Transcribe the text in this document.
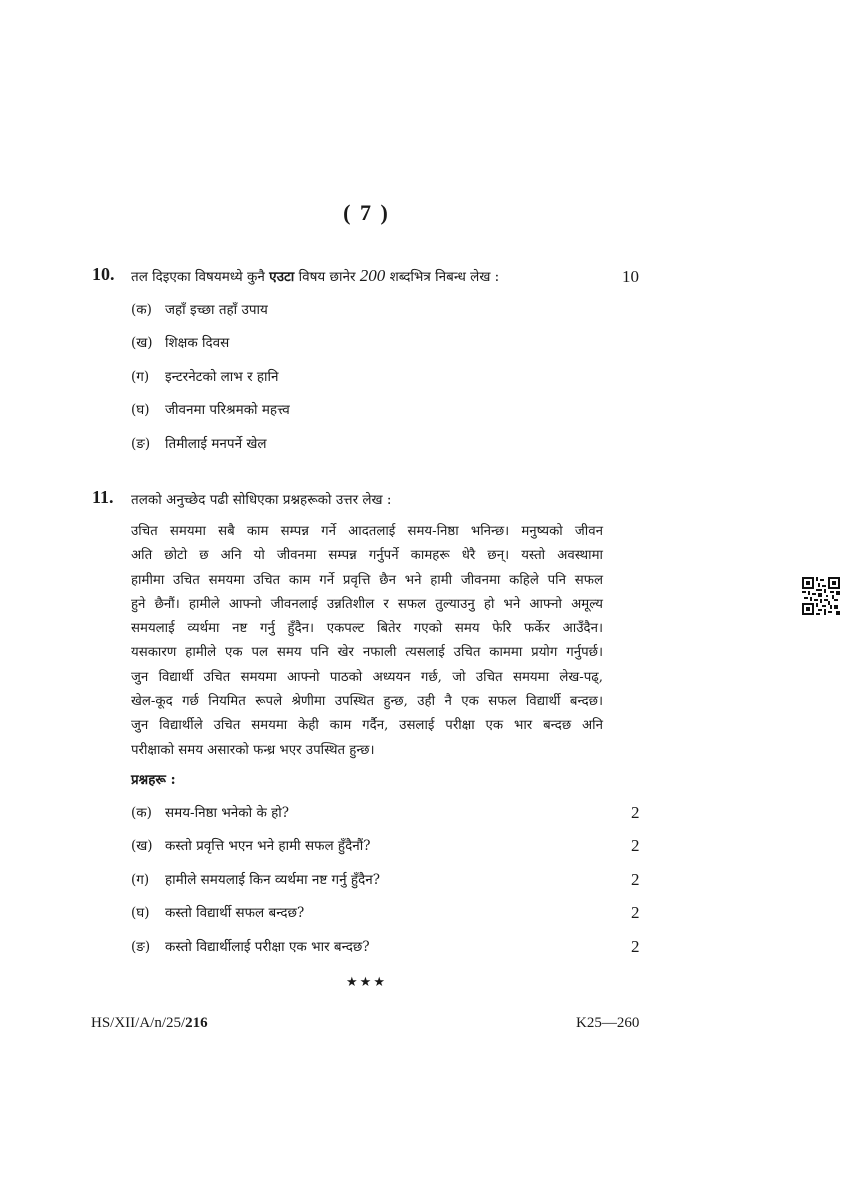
( 7 )
10. तल दिइएका विषयमध्ये कुनै एउटा विषय छानेर 200 शब्दभित्र निबन्ध लेख :	10
(क) जहाँ इच्छा तहाँ उपाय
(ख) शिक्षक दिवस
(ग) इन्टरनेटको लाभ र हानि
(घ) जीवनमा परिश्रमको महत्त्व
(ङ) तिमीलाई मनपर्ने खेल
11. तलको अनुच्छेद पढी सोधिएका प्रश्नहरूको उत्तर लेख :
उचित समयमा सबै काम सम्पन्न गर्ने आदतलाई समय-निष्ठा भनिन्छ। मनुष्यको जीवन
अति छोटो छ अनि यो जीवनमा सम्पन्न गर्नुपर्ने कामहरू धेरै छन्। यस्तो अवस्थामा
हामीमा उचित समयमा उचित काम गर्ने प्रवृत्ति छैन भने हामी जीवनमा कहिले पनि सफल
हुने छैनौं। हामीले आफ्नो जीवनलाई उन्नतिशील र सफल तुल्याउनु हो भने आफ्नो अमूल्य
समयलाई व्यर्थमा नष्ट गर्नु हुँदैन। एकपल्ट बितेर गएको समय फेरि फर्केर आउँदैन।
यसकारण हामीले एक पल समय पनि खेर नफाली त्यसलाई उचित काममा प्रयोग गर्नुपर्छ।
जुन विद्यार्थी उचित समयमा आफ्नो पाठको अध्ययन गर्छ, जो उचित समयमा लेख-पढ्,
खेल-कूद गर्छ नियमित रूपले श्रेणीमा उपस्थित हुन्छ, उही नै एक सफल विद्यार्थी बन्दछ।
जुन विद्यार्थीले उचित समयमा केही काम गर्दैन, उसलाई परीक्षा एक भार बन्दछ अनि
परीक्षाको समय असारको फन्ध्र भएर उपस्थित हुन्छ।
प्रश्नहरू :
(क) समय-निष्ठा भनेको के हो?	2
(ख) कस्तो प्रवृत्ति भएन भने हामी सफल हुँदैनौं?	2
(ग) हामीले समयलाई किन व्यर्थमा नष्ट गर्नु हुँदैन?	2
(घ) कस्तो विद्यार्थी सफल बन्दछ?	2
(ङ) कस्तो विद्यार्थीलाई परीक्षा एक भार बन्दछ?	2
★★★
HS/XII/A/n/25/216	K25—260
